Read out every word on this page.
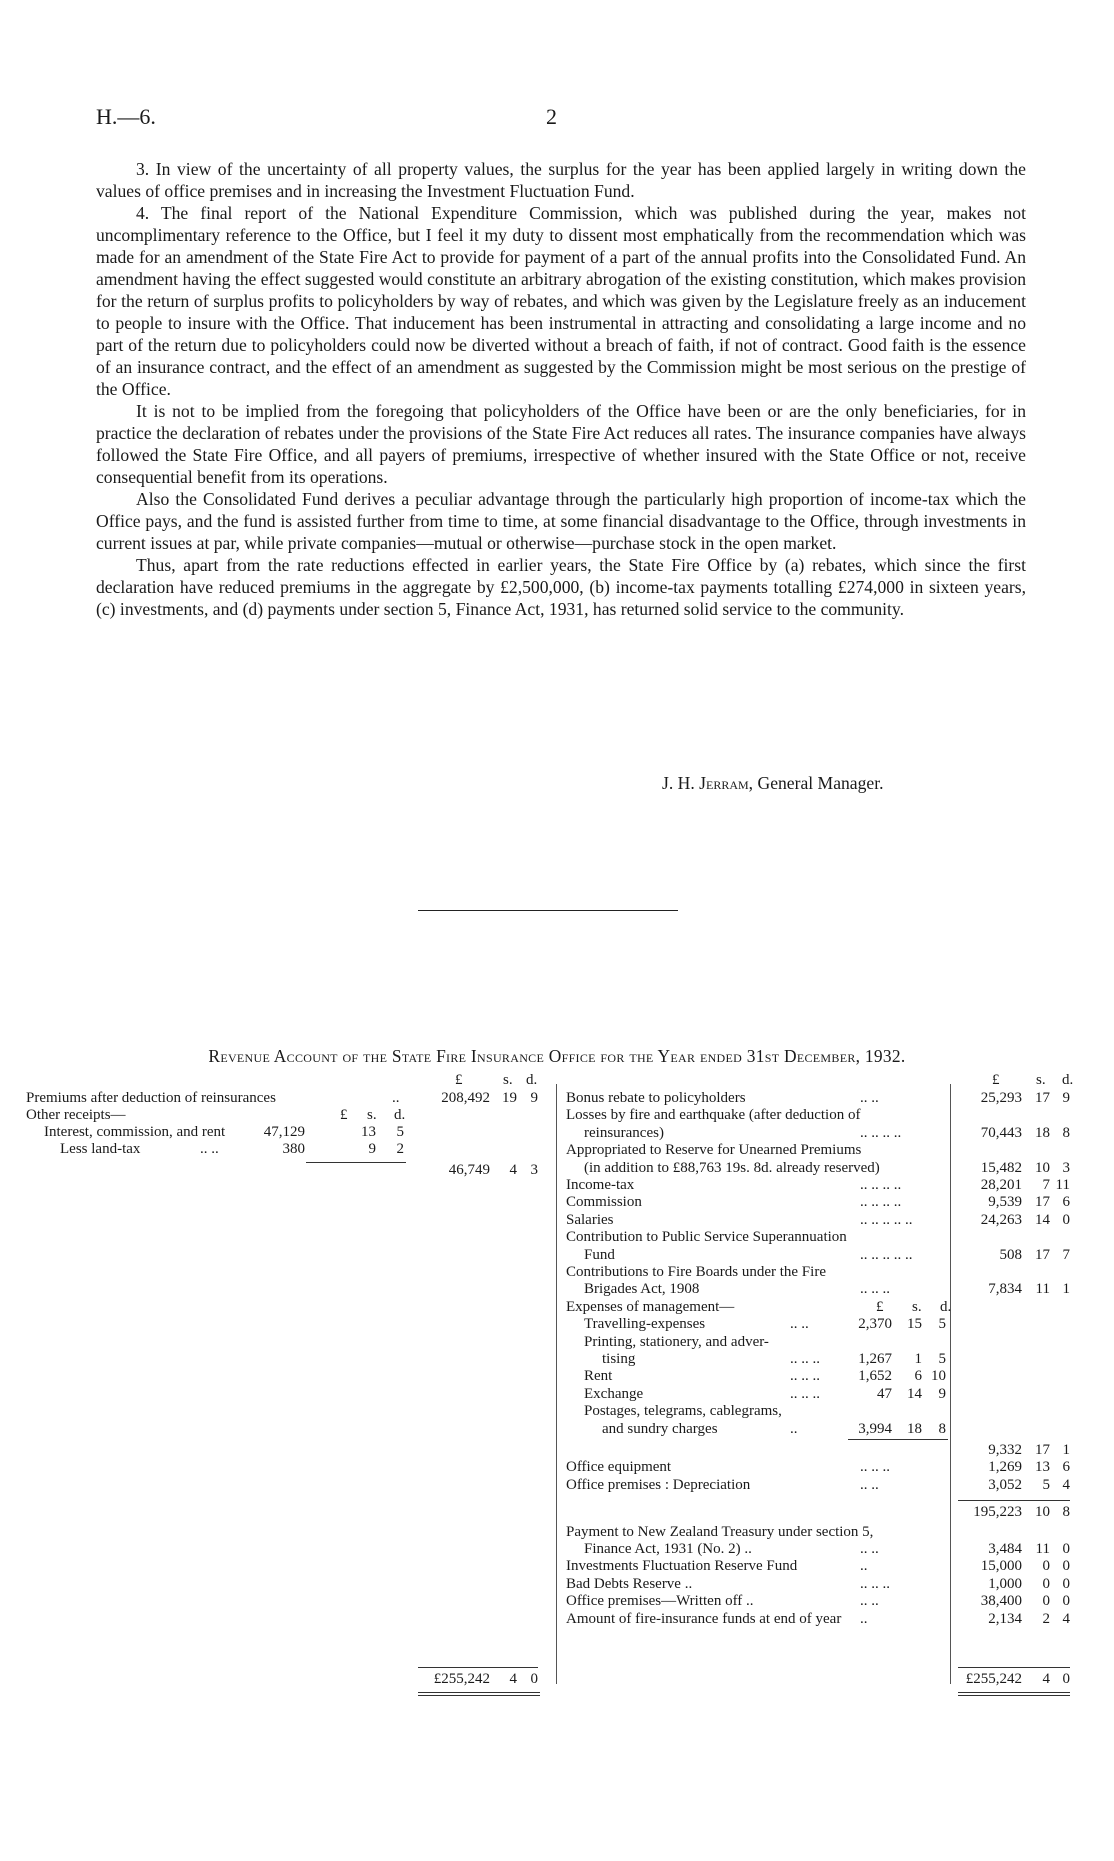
H.—6.	2

3. In view of the uncertainty of all property values, the surplus for the year has been applied largely in writing down the values of office premises and in increasing the Investment Fluctuation Fund.

4. The final report of the National Expenditure Commission, which was published during the year, makes not uncomplimentary reference to the Office, but I feel it my duty to dissent most emphatically from the recommendation which was made for an amendment of the State Fire Act to provide for payment of a part of the annual profits into the Consolidated Fund. An amendment having the effect suggested would constitute an arbitrary abrogation of the existing constitution, which makes provision for the return of surplus profits to policyholders by way of rebates, and which was given by the Legislature freely as an inducement to people to insure with the Office. That inducement has been instrumental in attracting and consolidating a large income and no part of the return due to policyholders could now be diverted without a breach of faith, if not of contract. Good faith is the essence of an insurance contract, and the effect of an amendment as suggested by the Commission might be most serious on the prestige of the Office.

It is not to be implied from the foregoing that policyholders of the Office have been or are the only beneficiaries, for in practice the declaration of rebates under the provisions of the State Fire Act reduces all rates. The insurance companies have always followed the State Fire Office, and all payers of premiums, irrespective of whether insured with the State Office or not, receive consequential benefit from its operations.

Also the Consolidated Fund derives a peculiar advantage through the particularly high proportion of income-tax which the Office pays, and the fund is assisted further from time to time, at some financial disadvantage to the Office, through investments in current issues at par, while private companies—mutual or otherwise—purchase stock in the open market.

Thus, apart from the rate reductions effected in earlier years, the State Fire Office by (a) rebates, which since the first declaration have reduced premiums in the aggregate by £2,500,000, (b) income-tax payments totalling £274,000 in sixteen years, (c) investments, and (d) payments under section 5, Finance Act, 1931, has returned solid service to the community.

J. H. Jerram, General Manager.
Revenue Account of the State Fire Insurance Office for the Year ended 31st December, 1932.
£	s. d.
Premiums after deduction of reinsurances	..	208,492 19 9
Other receipts—	£ s. d.
Interest, commission, and rent	47,129	13	5
Less land-tax	.. ..	380	9	2
46,749	4 3
£255,242	4 0
£ s. d.
Bonus rebate to policyholders	.. ..	25,293 17 9
Losses by fire and earthquake (after deduction of
reinsurances)	.. .. .. ..	70,443 18 8
Appropriated to Reserve for Unearned Premiums
(in addition to £88,763 19s. 8d. already reserved)	15,482 10 3
Income-tax	.. .. .. ..	28,201	7 11
Commission	.. .. .. ..	9,539 17 6
Salaries	.. .. .. .. ..	24,263 14 0
Contribution to Public Service Superannuation
Fund	.. .. .. .. ..	508 17 7
Contributions to Fire Boards under the Fire
Brigades Act, 1908	.. .. ..	7,834 11 1
Expenses of management—	£ s. d.
Travelling-expenses	.. ..	2,370	15	5
Printing, stationery, and adver-
tising	.. .. ..	1,267	1	5
Rent	.. .. ..	1,652	6 10
Exchange	.. .. ..	47	14	9
Postages, telegrams, cablegrams,
and sundry charges	..	3,994	18	8
9,332 17 1
Office equipment	.. .. ..	1,269 13 6
Office premises : Depreciation	.. ..	3,052	5 4
195,223 10 8
Payment to New Zealand Treasury under section 5,
Finance Act, 1931 (No. 2) ..	.. ..	3,484 11 0
Investments Fluctuation Reserve Fund	..	15,000	0 0
Bad Debts Reserve ..	.. .. ..	1,000	0 0
Office premises—Written off ..	.. ..	38,400	0 0
Amount of fire-insurance funds at end of year ..	2,134	2 4
£255,242	4 0
